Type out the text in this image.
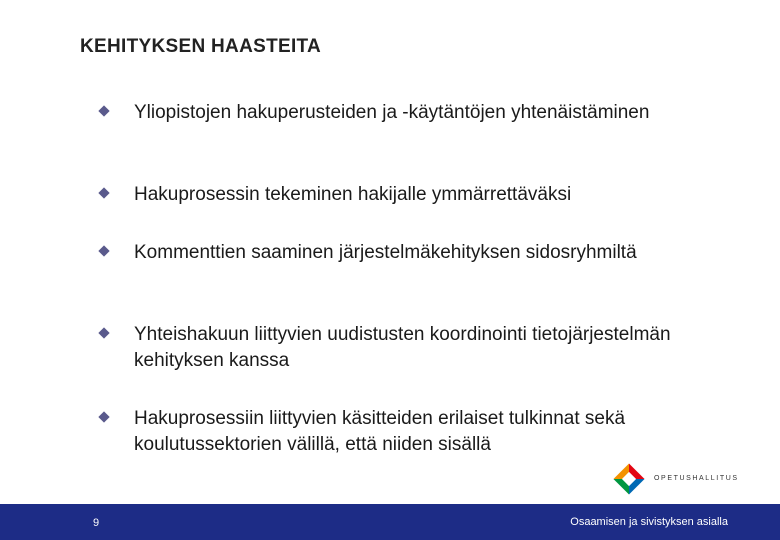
KEHITYKSEN HAASTEITA
Yliopistojen hakuperusteiden ja -käytäntöjen yhtenäistäminen
Hakuprosessin tekeminen hakijalle ymmärrettäväksi
Kommenttien saaminen järjestelmäkehityksen sidosryhmiltä
Yhteishakuun liittyvien uudistusten koordinointi tietojärjestelmän kehityksen kanssa
Hakuprosessiin liittyvien käsitteiden erilaiset tulkinnat sekä koulutussektorien välillä, että niiden sisällä
OPETUSHALLITUS
9	Osaamisen ja sivistyksen asialla
